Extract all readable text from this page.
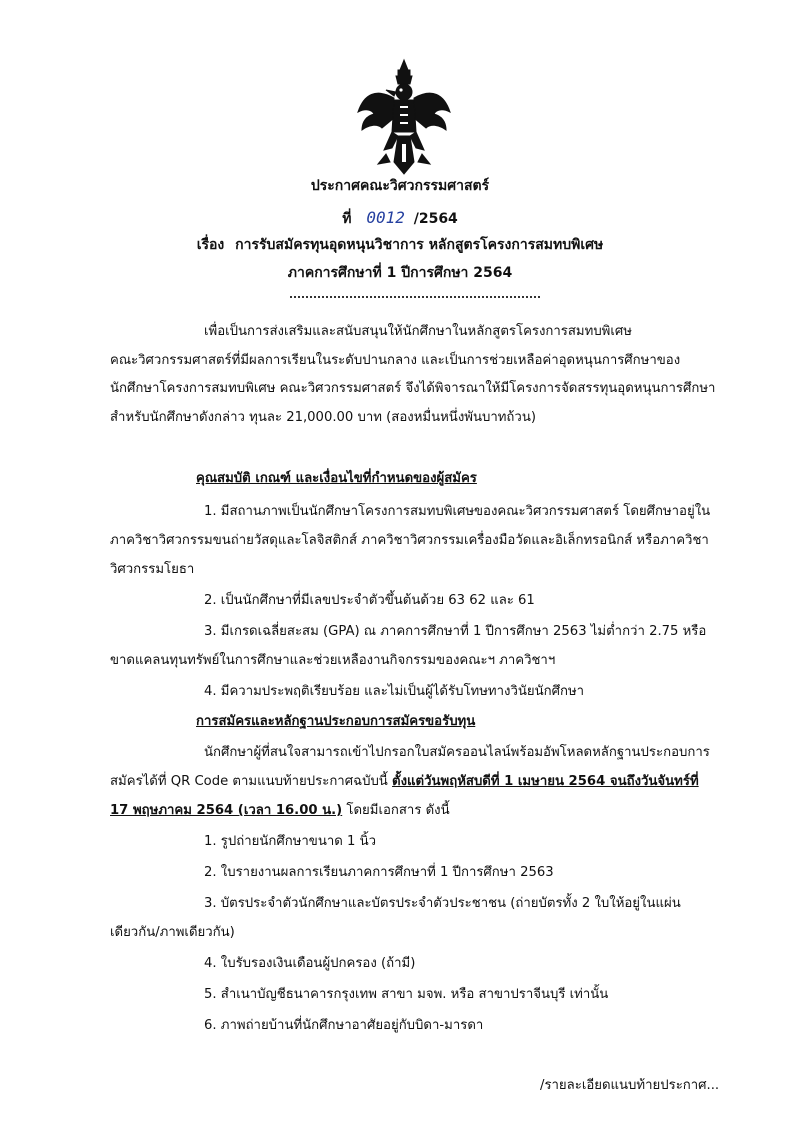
ประกาศคณะวิศวกรรมศาสตร์
ที่ 0012 /2564
เรื่อง การรับสมัครทุนอุดหนุนวิชาการ หลักสูตรโครงการสมทบพิเศษ
ภาคการศึกษาที่ 1 ปีการศึกษา 2564
เพื่อเป็นการส่งเสริมและสนับสนุนให้นักศึกษาในหลักสูตรโครงการสมทบพิเศษ
คณะวิศวกรรมศาสตร์ที่มีผลการเรียนในระดับปานกลาง และเป็นการช่วยเหลือค่าอุดหนุนการศึกษาของ
นักศึกษาโครงการสมทบพิเศษ คณะวิศวกรรมศาสตร์ จึงได้พิจารณาให้มีโครงการจัดสรรทุนอุดหนุนการศึกษา
สำหรับนักศึกษาดังกล่าว ทุนละ 21,000.00 บาท (สองหมื่นหนึ่งพันบาทถ้วน)
คุณสมบัติ เกณฑ์ และเงื่อนไขที่กำหนดของผู้สมัคร
1. มีสถานภาพเป็นนักศึกษาโครงการสมทบพิเศษของคณะวิศวกรรมศาสตร์ โดยศึกษาอยู่ใน
ภาควิชาวิศวกรรมขนถ่ายวัสดุและโลจิสติกส์ ภาควิชาวิศวกรรมเครื่องมือวัดและอิเล็กทรอนิกส์ หรือภาควิชา
วิศวกรรมโยธา
2. เป็นนักศึกษาที่มีเลขประจำตัวขึ้นต้นด้วย 63 62 และ 61
3. มีเกรดเฉลี่ยสะสม (GPA) ณ ภาคการศึกษาที่ 1 ปีการศึกษา 2563 ไม่ต่ำกว่า 2.75 หรือ
ขาดแคลนทุนทรัพย์ในการศึกษาและช่วยเหลืองานกิจกรรมของคณะฯ ภาควิชาฯ
4. มีความประพฤติเรียบร้อย และไม่เป็นผู้ได้รับโทษทางวินัยนักศึกษา
การสมัครและหลักฐานประกอบการสมัครขอรับทุน
นักศึกษาผู้ที่สนใจสามารถเข้าไปกรอกใบสมัครออนไลน์พร้อมอัพโหลดหลักฐานประกอบการ
สมัครได้ที่ QR Code ตามแนบท้ายประกาศฉบับนี้ ตั้งแต่วันพฤหัสบดีที่ 1 เมษายน 2564 จนถึงวันจันทร์ที่
17 พฤษภาคม 2564 (เวลา 16.00 น.) โดยมีเอกสาร ดังนี้
1. รูปถ่ายนักศึกษาขนาด 1 นิ้ว
2. ใบรายงานผลการเรียนภาคการศึกษาที่ 1 ปีการศึกษา 2563
3. บัตรประจำตัวนักศึกษาและบัตรประจำตัวประชาชน (ถ่ายบัตรทั้ง 2 ใบให้อยู่ในแผ่น
เดียวกัน/ภาพเดียวกัน)
4. ใบรับรองเงินเดือนผู้ปกครอง (ถ้ามี)
5. สำเนาบัญชีธนาคารกรุงเทพ สาขา มจพ. หรือ สาขาปราจีนบุรี เท่านั้น
6. ภาพถ่ายบ้านที่นักศึกษาอาศัยอยู่กับบิดา-มารดา
/รายละเอียดแนบท้ายประกาศ...
